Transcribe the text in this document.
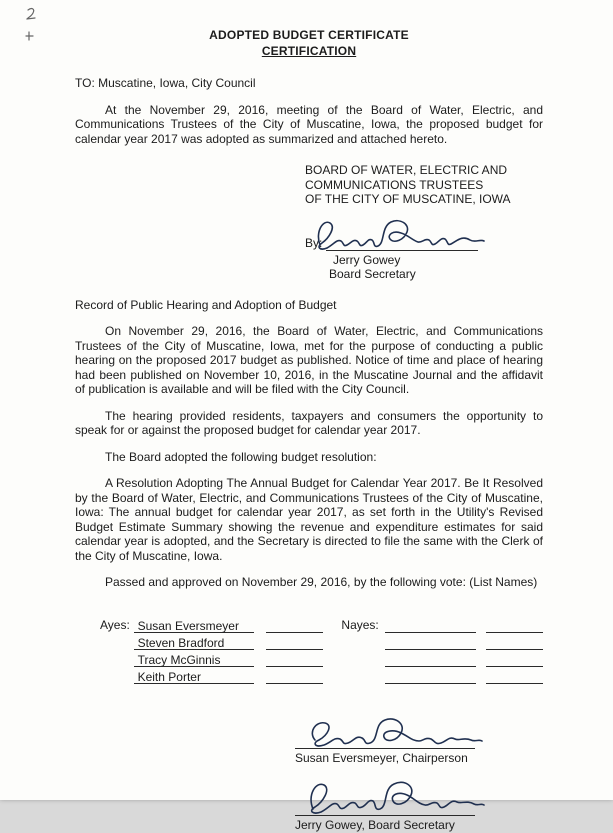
ADOPTED BUDGET CERTIFICATE
CERTIFICATION
TO: Muscatine, Iowa, City Council

At the November 29, 2016, meeting of the Board of Water, Electric, and Communications Trustees of the City of Muscatine, Iowa, the proposed budget for calendar year 2017 was adopted as summarized and attached hereto.

BOARD OF WATER, ELECTRIC AND
COMMUNICATIONS TRUSTEES
OF THE CITY OF MUSCATINE, IOWA
By:
Jerry Gowey
Board Secretary
Record of Public Hearing and Adoption of Budget

On November 29, 2016, the Board of Water, Electric, and Communications Trustees of the City of Muscatine, Iowa, met for the purpose of conducting a public hearing on the proposed 2017 budget as published. Notice of time and place of hearing had been published on November 10, 2016, in the Muscatine Journal and the affidavit of publication is available and will be filed with the City Council.

The hearing provided residents, taxpayers and consumers the opportunity to speak for or against the proposed budget for calendar year 2017.

The Board adopted the following budget resolution:

A Resolution Adopting The Annual Budget for Calendar Year 2017. Be It Resolved by the Board of Water, Electric, and Communications Trustees of the City of Muscatine, Iowa: The annual budget for calendar year 2017, as set forth in the Utility's Revised Budget Estimate Summary showing the revenue and expenditure estimates for said calendar year is adopted, and the Secretary is directed to file the same with the Clerk of the City of Muscatine, Iowa.

Passed and approved on November 29, 2016, by the following vote: (List Names)

Ayes: Susan Eversmeyer	Nayes:
Steven Bradford
Tracy McGinnis
Keith Porter
Susan Eversmeyer, Chairperson
Jerry Gowey, Board Secretary
